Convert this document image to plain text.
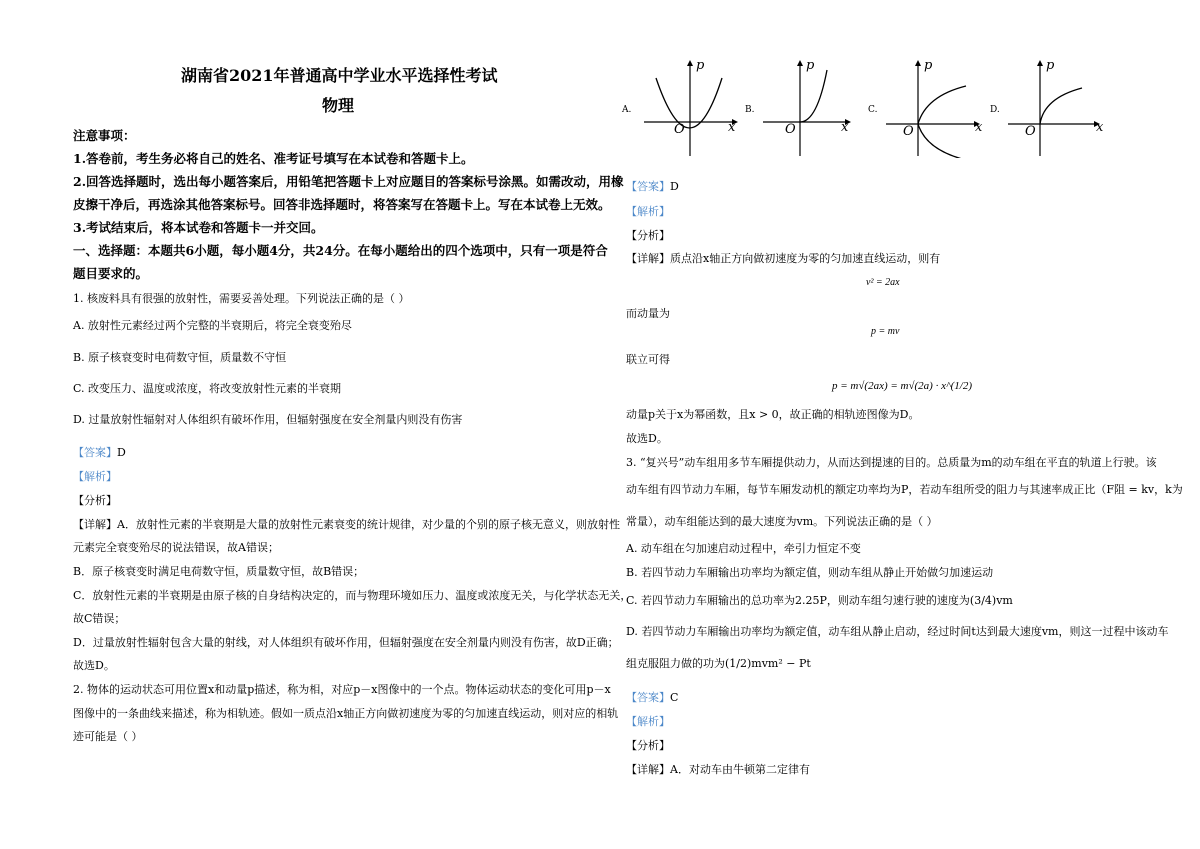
湖南省2021年普通高中学业水平选择性考试
物理
注意事项：
1.答卷前，考生务必将自己的姓名、准考证号填写在本试卷和答题卡上。
2.回答选择题时，选出每小题答案后，用铅笔把答题卡上对应题目的答案标号涂黑。如需改动，用橡
皮擦干净后，再选涂其他答案标号。回答非选择题时，将答案写在答题卡上。写在本试卷上无效。
3.考试结束后，将本试卷和答题卡一并交回。
一、选择题：本题共6小题，每小题4分，共24分。在每小题给出的四个选项中，只有一项是符合
题目要求的。
1. 核废料具有很强的放射性，需要妥善处理。下列说法正确的是（ ）
A. 放射性元素经过两个完整的半衰期后，将完全衰变殆尽
B. 原子核衰变时电荷数守恒，质量数不守恒
C. 改变压力、温度或浓度，将改变放射性元素的半衰期
D. 过量放射性辐射对人体组织有破坏作用，但辐射强度在安全剂量内则没有伤害
【答案】D
【解析】
【分析】
【详解】A．放射性元素的半衰期是大量的放射性元素衰变的统计规律，对少量的个别的原子核无意义，则放射性
元素完全衰变殆尽的说法错误，故A错误；
B．原子核衰变时满足电荷数守恒，质量数守恒，故B错误；
C．放射性元素的半衰期是由原子核的自身结构决定的，而与物理环境如压力、温度或浓度无关，与化学状态无关，
故C错误；
D．过量放射性辐射包含大量的射线，对人体组织有破坏作用，但辐射强度在安全剂量内则没有伤害，故D正确；
故选D。
2. 物体的运动状态可用位置x和动量p描述，称为相，对应p－x图像中的一个点。物体运动状态的变化可用p－x
图像中的一条曲线来描述，称为相轨迹。假如一质点沿x轴正方向做初速度为零的匀加速直线运动，则对应的相轨
迹可能是（ ）
A.
p
O	x
B.
p
O	x
C.
p
O	x
D.
p
O	x
【答案】D
【解析】
【分析】
【详解】质点沿x轴正方向做初速度为零的匀加速直线运动，则有
v² = 2ax
而动量为
p = mv
联立可得
p = m√(2ax) = m√(2a) · x^(1/2)
动量p关于x为幂函数，且x > 0，故正确的相轨迹图像为D。
故选D。
3. “复兴号”动车组用多节车厢提供动力，从而达到提速的目的。总质量为m的动车组在平直的轨道上行驶。该
动车组有四节动力车厢，每节车厢发动机的额定功率均为P，若动车组所受的阻力与其速率成正比（F阻 = kv，k为
常量），动车组能达到的最大速度为vm。下列说法正确的是（ ）
A. 动车组在匀加速启动过程中，牵引力恒定不变
B. 若四节动力车厢输出功率均为额定值，则动车组从静止开始做匀加速运动
C. 若四节动力车厢输出的总功率为2.25P，则动车组匀速行驶的速度为(3/4)vm
D. 若四节动力车厢输出功率均为额定值，动车组从静止启动，经过时间t达到最大速度vm，则这一过程中该动车
组克服阻力做的功为(1/2)mvm² − Pt
【答案】C
【解析】
【分析】
【详解】A．对动车由牛顿第二定律有
